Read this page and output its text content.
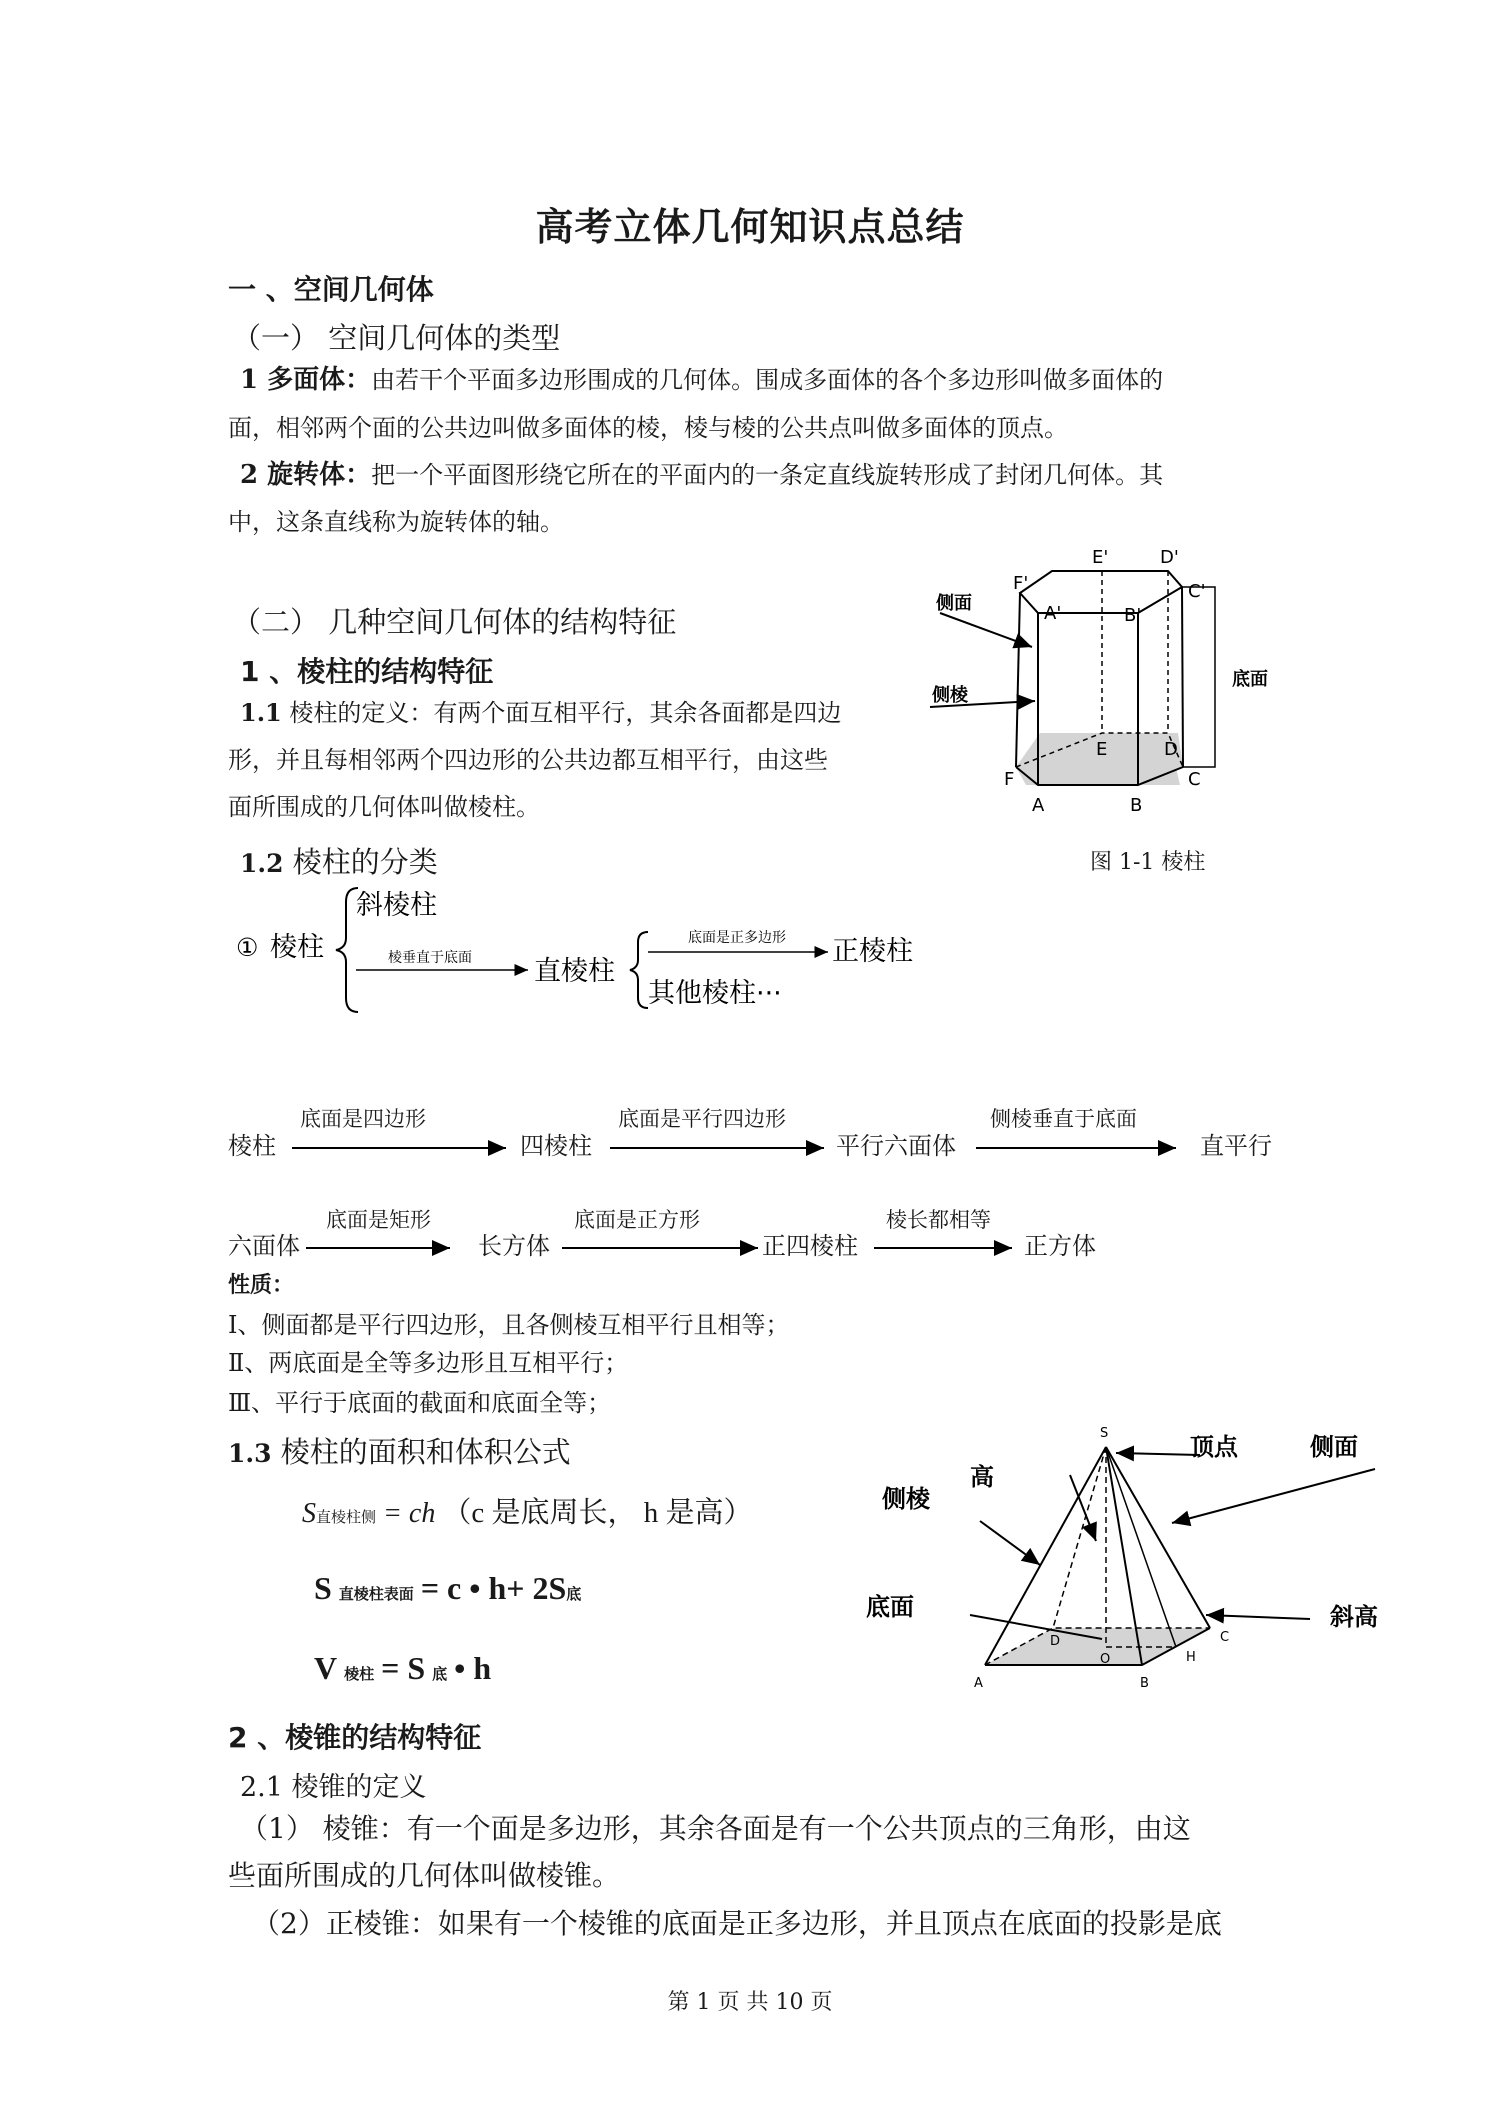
高考立体几何知识点总结
一 、空间几何体
（一） 空间几何体的类型
1 多面体：由若干个平面多边形围成的几何体。围成多面体的各个多边形叫做多面体的
面，相邻两个面的公共边叫做多面体的棱，棱与棱的公共点叫做多面体的顶点。
2 旋转体：把一个平面图形绕它所在的平面内的一条定直线旋转形成了封闭几何体。其
中，这条直线称为旋转体的轴。
（二） 几种空间几何体的结构特征
1 、棱柱的结构特征
1.1 棱柱的定义：有两个面互相平行，其余各面都是四边
形，并且每相邻两个四边形的公共边都互相平行，由这些
面所围成的几何体叫做棱柱。
1.2 棱柱的分类
侧面
侧棱
底面
E'	D'
F'	C'
A'	B'
E	D
F	C
A	B
图 1-1 棱柱
① 棱柱
斜棱柱
棱垂直于底面 直棱柱
底面是正多边形 正棱柱
其他棱柱···
底面是四边形	底面是平行四边形	侧棱垂直于底面
棱柱	四棱柱	平行六面体	直平行
底面是矩形	底面是正方形	棱长都相等
六面体	长方体	正四棱柱	正方体
性质：
Ⅰ、侧面都是平行四边形，且各侧棱互相平行且相等；
Ⅱ、两底面是全等多边形且互相平行；
Ⅲ、平行于底面的截面和底面全等；
1.3 棱柱的面积和体积公式
S直棱柱侧 = ch （c 是底周长， h 是高）
S 直棱柱表面 = c • h+ 2S底
V 棱柱 = S 底 • h
高
顶点	侧面
侧棱
底面	斜高
S
D
O
C
H
A	B
2 、棱锥的结构特征
2.1 棱锥的定义
（1） 棱锥：有一个面是多边形，其余各面是有一个公共顶点的三角形，由这
些面所围成的几何体叫做棱锥。
（2）正棱锥：如果有一个棱锥的底面是正多边形，并且顶点在底面的投影是底
第 1 页 共 10 页
